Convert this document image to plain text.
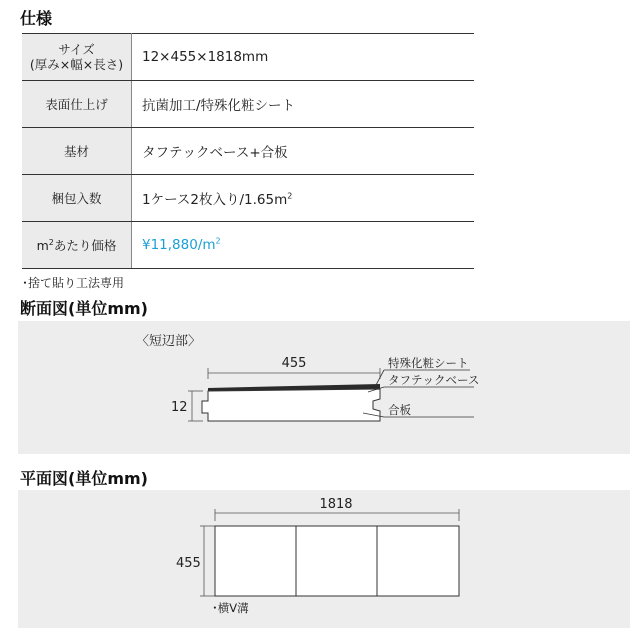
仕様
サイズ
(厚み×幅×長さ)	12×455×1818mm
表面仕上げ	抗菌加工/特殊化粧シート
基材	タフテックベース+合板
梱包入数	1ケース2枚入り$/1.65m^2$
$m^2$あたり価格	$¥11,880/m^2$
･捨て貼り工法専用
断面図(単位mm)
〈短辺部〉
455
12
特殊化粧シート
タフテックベース
合板
平面図(単位mm)
1818
455
･横V溝
